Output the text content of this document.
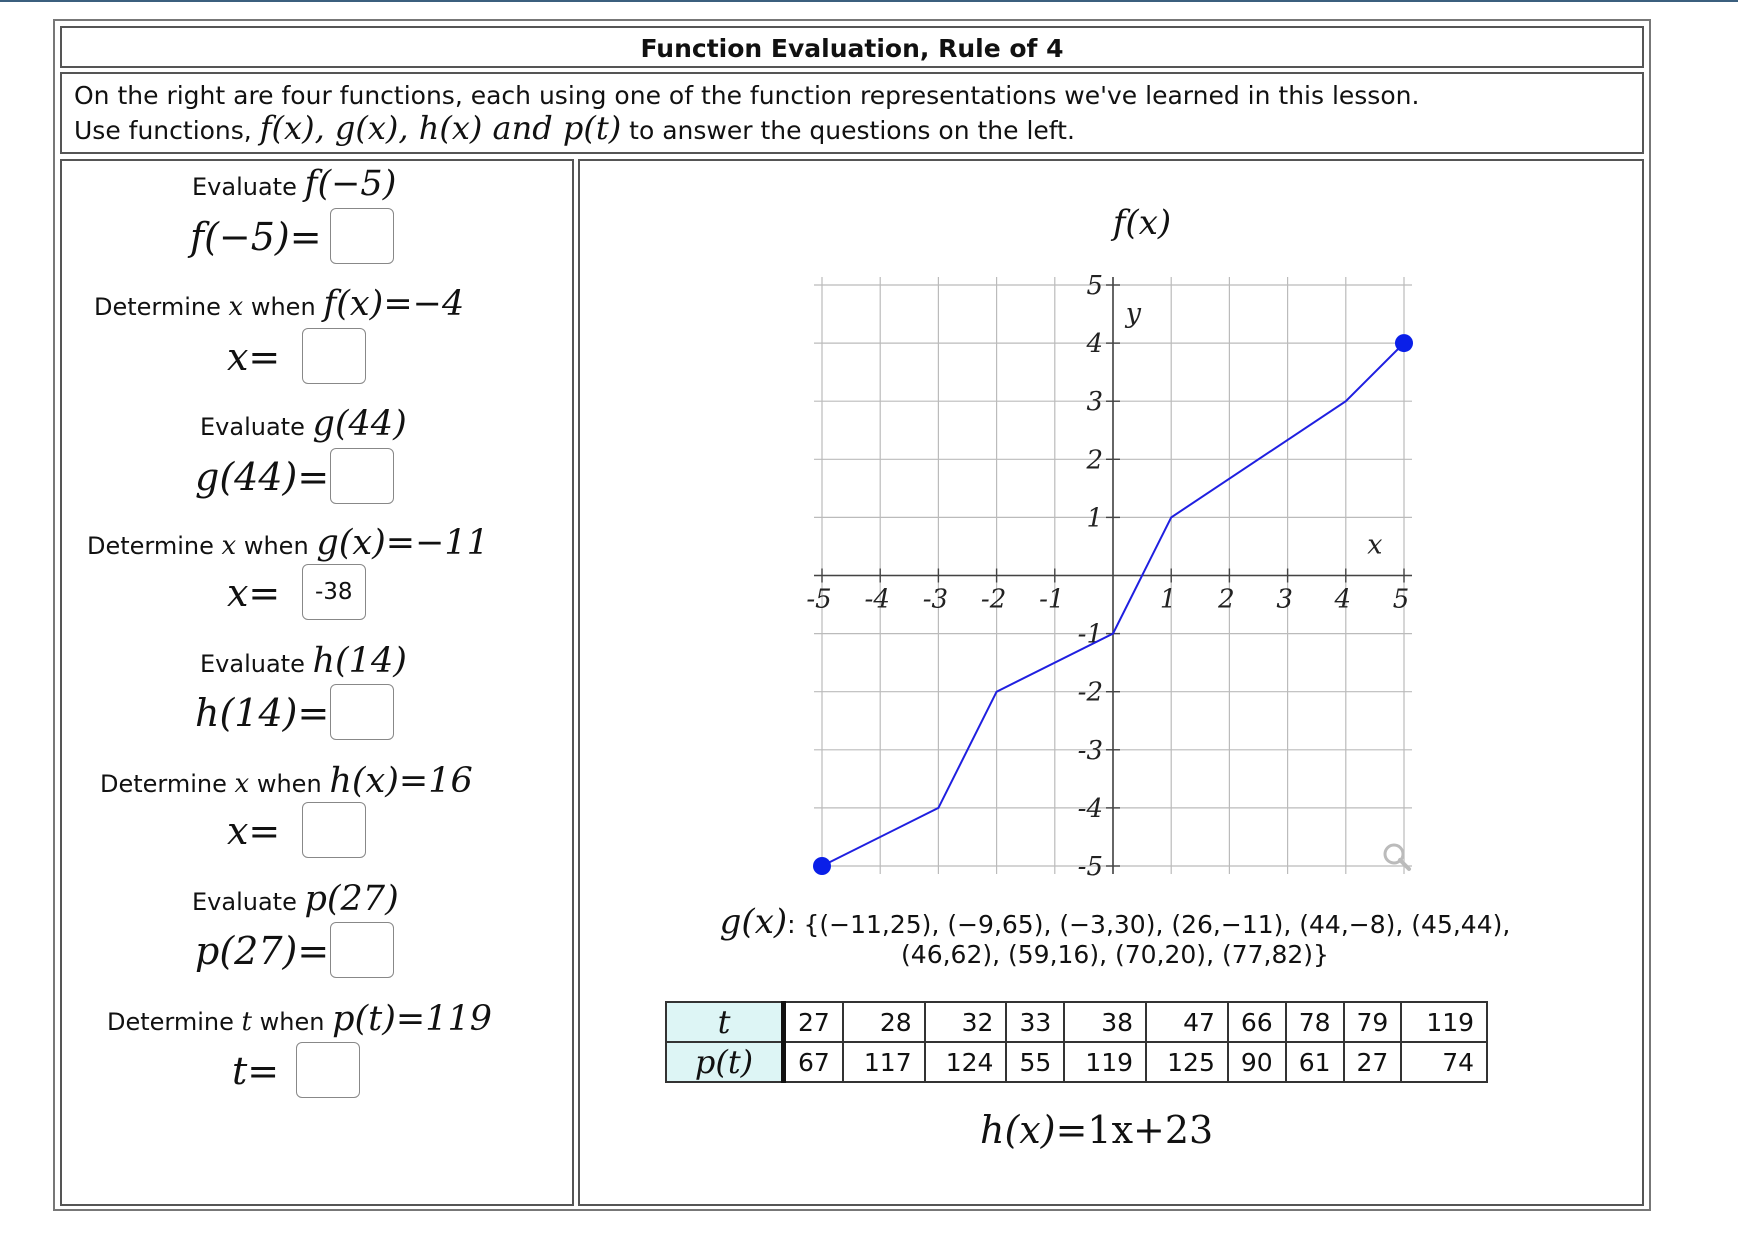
Function Evaluation, Rule of 4
On the right are four functions, each using one of the function representations we've learned in this lesson.
Use functions, f(x), g(x), h(x) and p(t) to answer the questions on the left.
Evaluate f(−5)
f(−5)=
Determine x when f(x)=−4
x=
Evaluate g(44)
g(44)=
Determine x when g(x)=−11
x=	-38
Evaluate h(14)
h(14)=
Determine x when h(x)=16
x=
Evaluate p(27)
p(27)=
Determine t when p(t)=119
t=
-5 -4 -3 -2 -1	1 2 3 4 5
5
4
3
2
1
-1
-2
-3
-4
-5
x
y
f(x)
g(x): {(−11,25), (−9,65), (−3,30), (26,−11), (44,−8), (45,44),
(46,62), (59,16), (70,20), (77,82)}
t	27	28	32	33	38	47	66	78	79	119
p(t)	67	117	124	55	119	125	90	61	27	74
h(x)=1x+23
